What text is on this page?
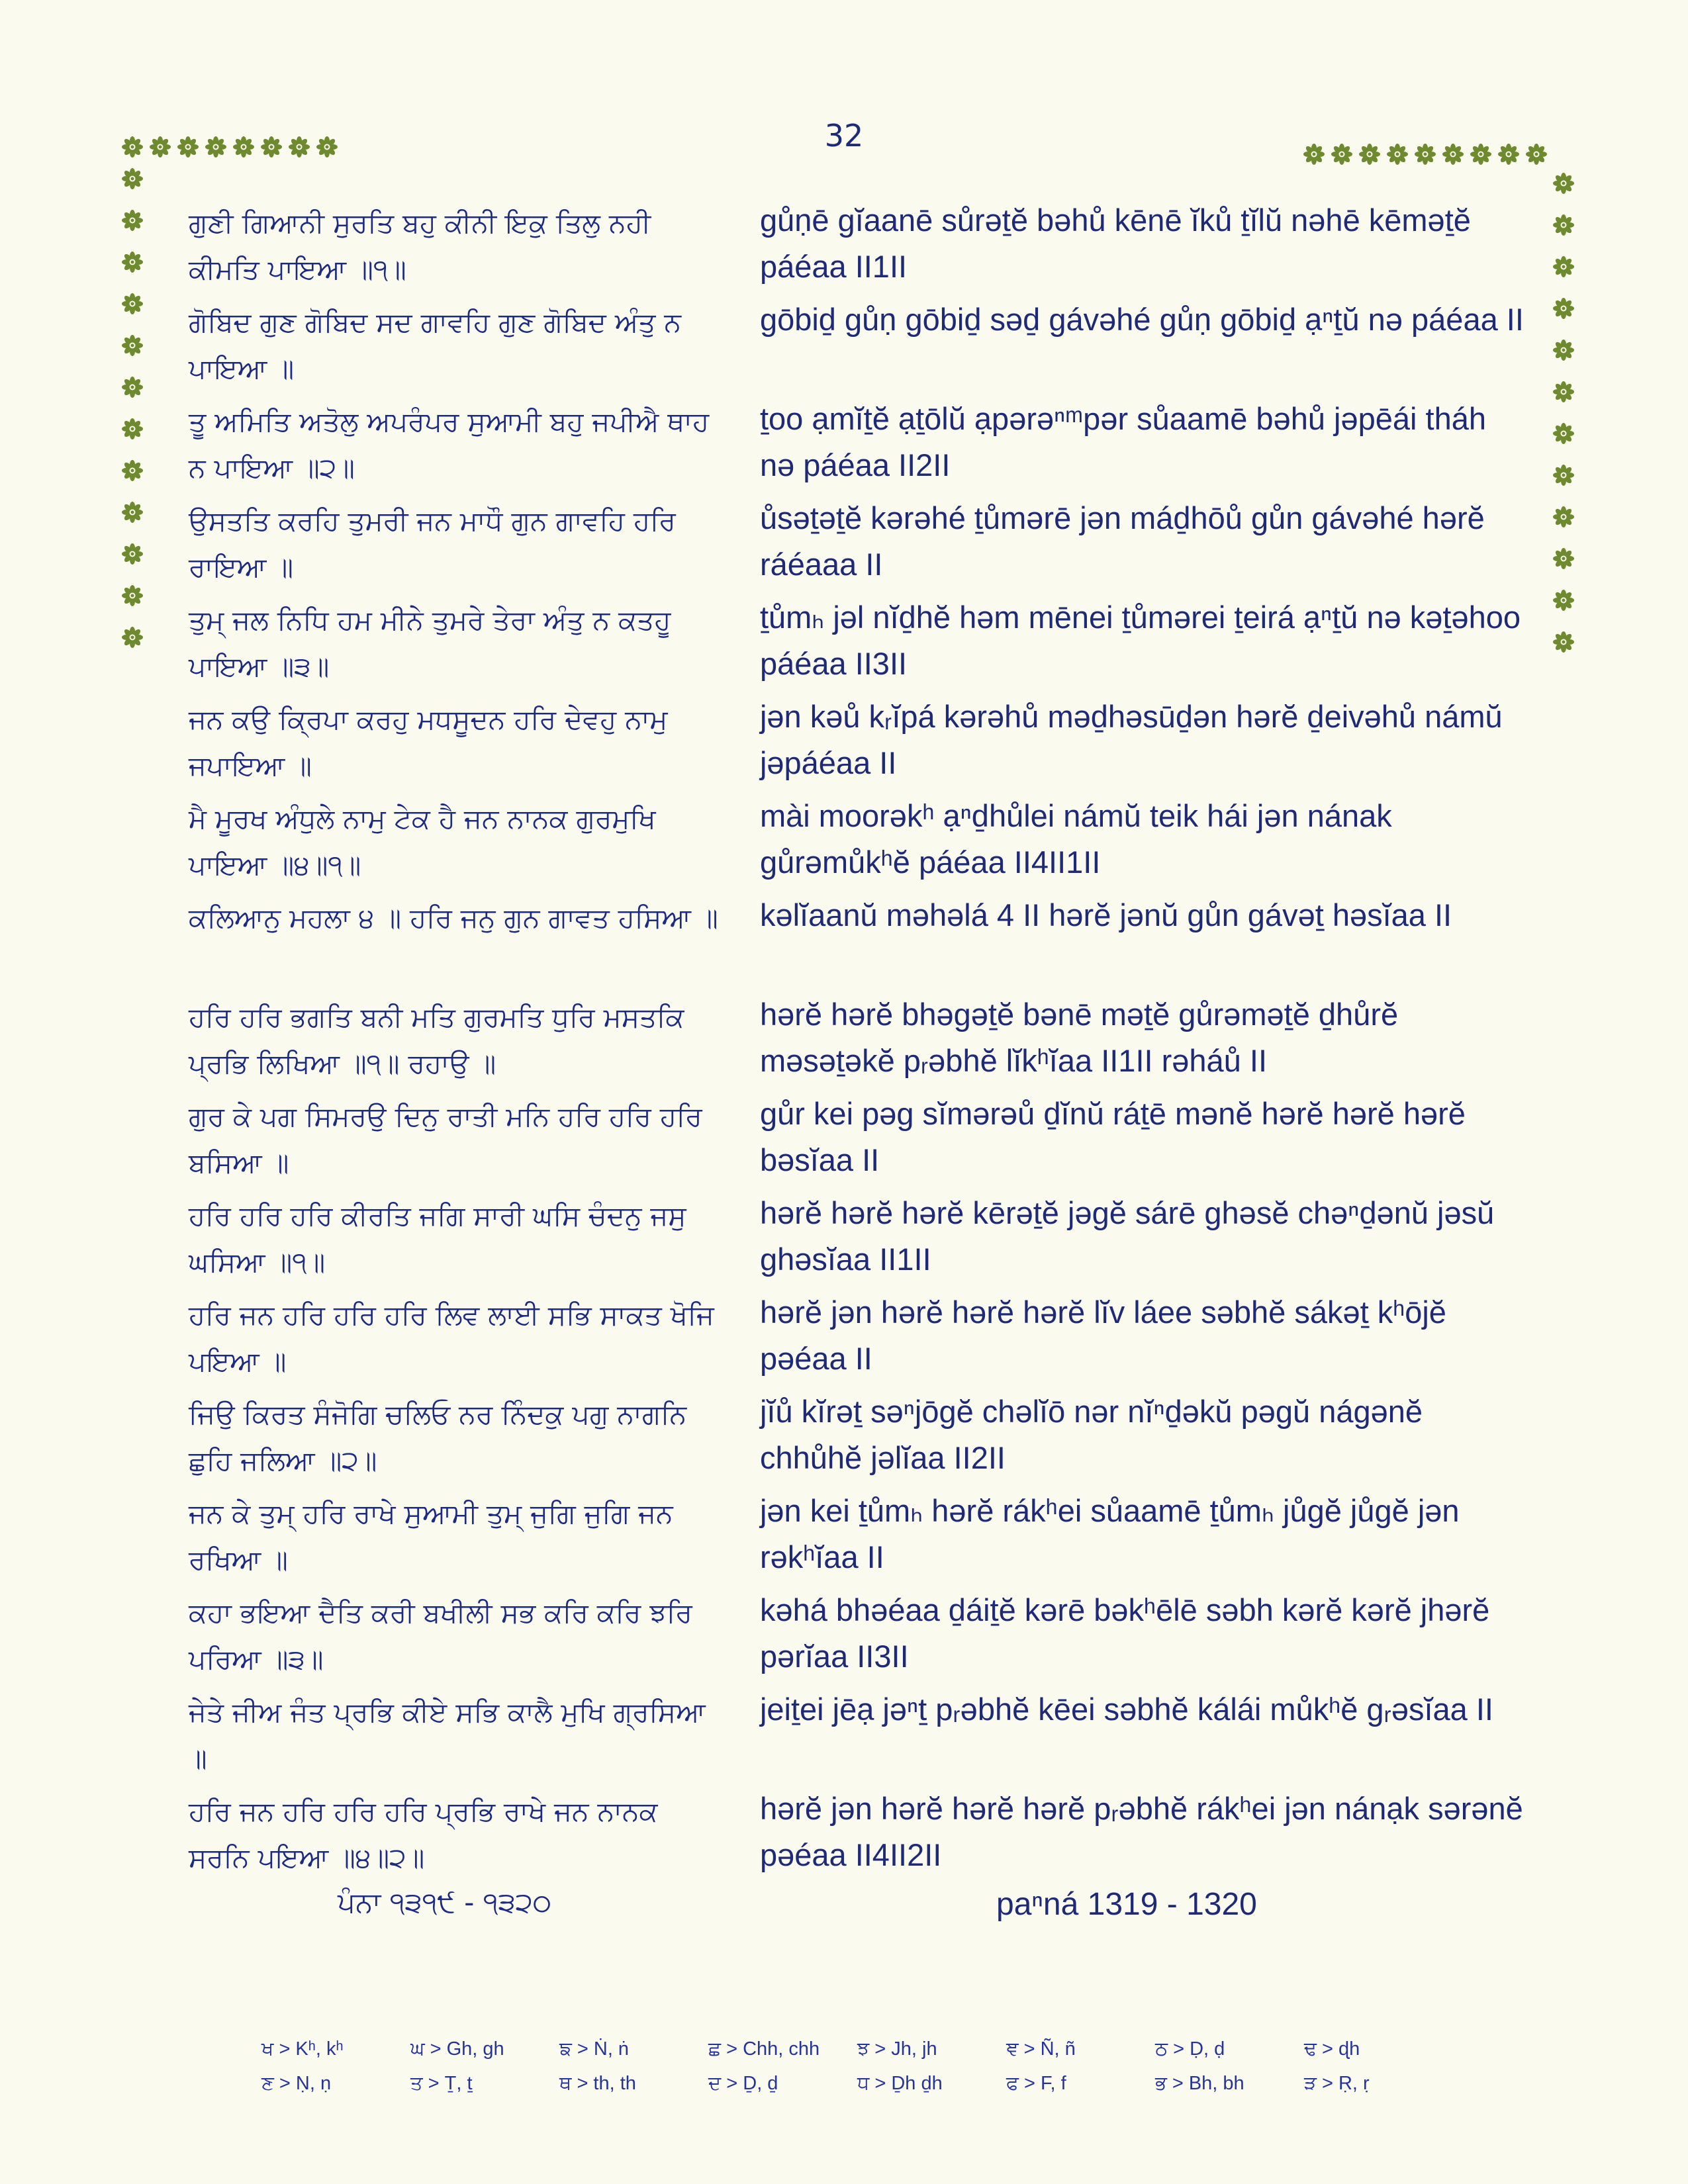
32
ਗੁਣੀ ਗਿਆਨੀ ਸੁਰਤਿ ਬਹੁ ਕੀਨੀ ਇਕੁ ਤਿਲੁ ਨਹੀ ਕੀਮਤਿ ਪਾਇਆ ॥੧॥
gůṇē gĭaanē sůrəṯĕ bəhů kēnē ĭků ṯĭlŭ nəhē kēməṯĕ páéaa II1II
ਗੋਬਿਦ ਗੁਣ ਗੋਬਿਦ ਸਦ ਗਾਵਹਿ ਗੁਣ ਗੋਬਿਦ ਅੰਤੁ ਨ ਪਾਇਆ ॥
gōbiḏ gůṇ gōbiḏ səḏ gávəhé gůṇ gōbiḏ ạⁿṯŭ nə páéaa II
ਤੂ ਅਮਿਤਿ ਅਤੋਲੁ ਅਪਰੰਪਰ ਸੁਆਮੀ ਬਹੁ ਜਪੀਐ ਥਾਹ ਨ ਪਾਇਆ ॥੨॥
ṯoo ạmĭṯĕ ạṯōlŭ ạpərəⁿᵐpər sůaamē bəhů jəpēái tháh nə páéaa II2II
ਉਸਤਤਿ ਕਰਹਿ ਤੁਮਰੀ ਜਨ ਮਾਧੌ ਗੁਨ ਗਾਵਹਿ ਹਰਿ ਰਾਇਆ ॥
ůsəṯəṯĕ kərəhé ṯůmərē jən máḏhōů gůn gávəhé hərĕ ráéaaa II
ਤੁਮ੍ ਜਲ ਨਿਧਿ ਹਮ ਮੀਨੇ ਤੁਮਰੇ ਤੇਰਾ ਅੰਤੁ ਨ ਕਤਹੂ ਪਾਇਆ ॥੩॥
ṯůmₕ jəl nĭḏhĕ həm mēnei ṯůmərei ṯeirá ạⁿṯŭ nə kəṯəhoo páéaa II3II
ਜਨ ਕਉ ਕ੍ਰਿਪਾ ਕਰਹੁ ਮਧਸੂਦਨ ਹਰਿ ਦੇਵਹੁ ਨਾਮੁ ਜਪਾਇਆ ॥
jən kəů kᵣĭpá kərəhů məḏhəsūḏən hərĕ ḏeivəhů námŭ jəpáéaa II
ਮੈ ਮੂਰਖ ਅੰਧੁਲੇ ਨਾਮੁ ਟੇਕ ਹੈ ਜਨ ਨਾਨਕ ਗੁਰਮੁਖਿ ਪਾਇਆ ॥੪॥੧॥
mài moorəkʰ ạⁿḏhůlei námŭ teik hái jən nának gůrəmůkʰĕ páéaa II4II1II
ਕਲਿਆਨੁ ਮਹਲਾ ੪ ॥ ਹਰਿ ਜਨੁ ਗੁਨ ਗਾਵਤ ਹਸਿਆ ॥ kəlĭaanŭ məhəlá 4 II hərĕ jənŭ gůn gávəṯ həsĭaa II
ਹਰਿ ਹਰਿ ਭਗਤਿ ਬਨੀ ਮਤਿ ਗੁਰਮਤਿ ਧੁਰਿ ਮਸਤਕਿ ਪ੍ਰਭਿ ਲਿਖਿਆ ॥੧॥ ਰਹਾਉ ॥
hərĕ hərĕ bhəgəṯĕ bənē məṯĕ gůrəməṯĕ ḏhůrĕ məsəṯəkĕ pᵣəbhĕ lĭkʰĭaa II1II rəháů II
ਗੁਰ ਕੇ ਪਗ ਸਿਮਰਉ ਦਿਨੁ ਰਾਤੀ ਮਨਿ ਹਰਿ ਹਰਿ ਹਰਿ ਬਸਿਆ ॥
gůr kei pəg sĭmərəů ḏĭnŭ ráṯē mənĕ hərĕ hərĕ hərĕ bəsĭaa II
ਹਰਿ ਹਰਿ ਹਰਿ ਕੀਰਤਿ ਜਗਿ ਸਾਰੀ ਘਸਿ ਚੰਦਨੁ ਜਸੁ ਘਸਿਆ ॥੧॥
hərĕ hərĕ hərĕ kērəṯĕ jəgĕ sárē ghəsĕ chəⁿḏənŭ jəsŭ ghəsĭaa II1II
ਹਰਿ ਜਨ ਹਰਿ ਹਰਿ ਹਰਿ ਲਿਵ ਲਾਈ ਸਭਿ ਸਾਕਤ ਖੋਜਿ ਪਇਆ ॥
hərĕ jən hərĕ hərĕ hərĕ lĭv láee səbhĕ sákəṯ kʰōjĕ pəéaa II
ਜਿਉ ਕਿਰਤ ਸੰਜੋਗਿ ਚਲਿਓ ਨਰ ਨਿੰਦਕੁ ਪਗੁ ਨਾਗਨਿ ਛੁਹਿ ਜਲਿਆ ॥੨॥
jĭů kĭrəṯ səⁿjōgĕ chəlĭō nər nĭⁿḏəkŭ pəgŭ nágənĕ chhůhĕ jəlĭaa II2II
ਜਨ ਕੇ ਤੁਮ੍ ਹਰਿ ਰਾਖੇ ਸੁਆਮੀ ਤੁਮ੍ ਜੁਗਿ ਜੁਗਿ ਜਨ ਰਖਿਆ ॥
jən kei ṯůmₕ hərĕ rákʰei sůaamē ṯůmₕ jůgĕ jůgĕ jən rəkʰĭaa II
ਕਹਾ ਭਇਆ ਦੈਤਿ ਕਰੀ ਬਖੀਲੀ ਸਭ ਕਰਿ ਕਰਿ ਝਰਿ ਪਰਿਆ ॥੩॥
kəhá bhəéaa ḏáiṯĕ kərē bəkʰēlē səbh kərĕ kərĕ jhərĕ pərĭaa II3II
ਜੇਤੇ ਜੀਅ ਜੰਤ ਪ੍ਰਭਿ ਕੀਏ ਸਭਿ ਕਾਲੈ ਮੁਖਿ ਗ੍ਰਸਿਆ ॥
jeiṯei jēạ jəⁿṯ pᵣəbhĕ kēei səbhĕ kálái můkʰĕ gᵣəsĭaa II
ਹਰਿ ਜਨ ਹਰਿ ਹਰਿ ਹਰਿ ਪ੍ਰਭਿ ਰਾਖੇ ਜਨ ਨਾਨਕ ਸਰਨਿ ਪਇਆ ॥੪॥੨॥
hərĕ jən hərĕ hərĕ hərĕ pᵣəbhĕ rákʰei jən nánạk sərənĕ pəéaa II4II2II
ਪੰਨਾ ੧੩੧੯ - ੧੩੨੦	paⁿná 1319 - 1320
ਖ > Kʰ, kʰ	ਘ > Gh, gh	ਙ > Ṅ, ṅ	ਛ > Chh, chh	ਝ > Jh, jh	ਞ > Ñ, ñ	ਠ > Ḍ, ḍ	ਢ > ɖh
ਣ > Ṇ, ṇ	ਤ > Ṯ, ṯ	ਥ > th, th	ਦ > Ḏ, ḏ	ਧ > Ḏh ḏh	ਫ > F, f	ਭ > Bh, bh	ੜ > Ṛ, ṛ
